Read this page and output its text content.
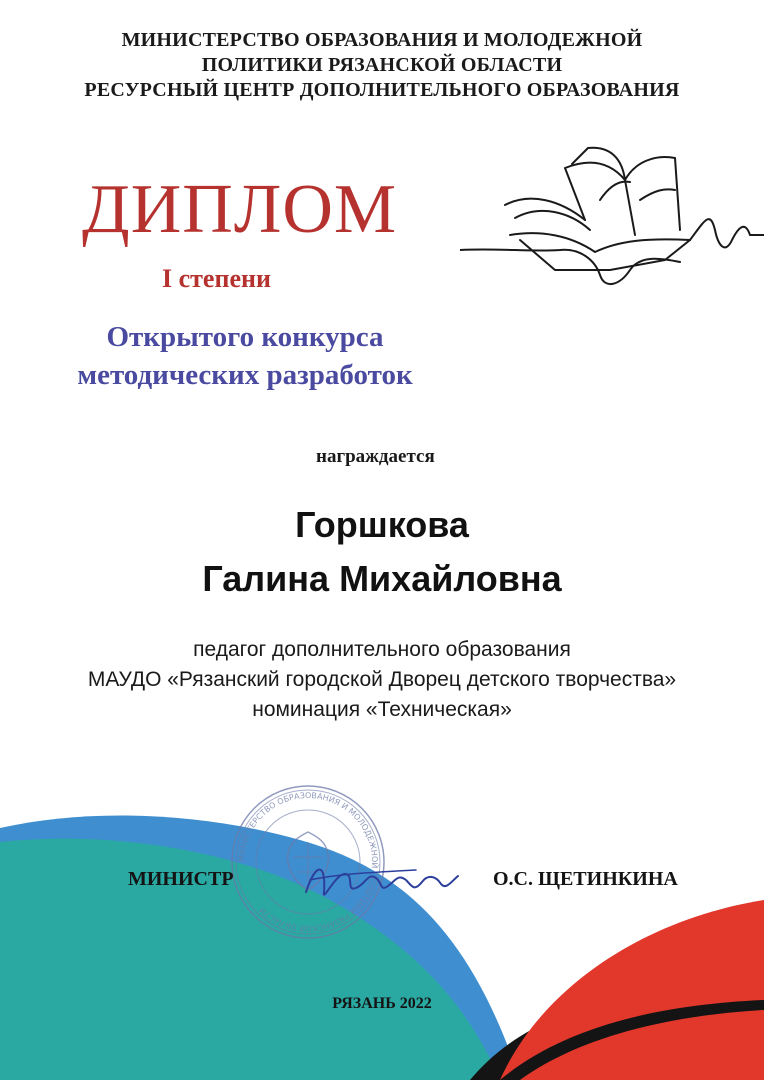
МИНИСТЕРСТВО ОБРАЗОВАНИЯ И МОЛОДЕЖНОЙ
ПОЛИТИКИ РЯЗАНСКОЙ ОБЛАСТИ
РЕСУРСНЫЙ ЦЕНТР ДОПОЛНИТЕЛЬНОГО ОБРАЗОВАНИЯ
ДИПЛОМ
I степени
Открытого конкурса
методических разработок
награждается
Горшкова
Галина Михайловна
педагог дополнительного образования
МАУДО «Рязанский городской Дворец детского творчества»
номинация «Техническая»
МИНИСТЕРСТВО ОБРАЗОВАНИЯ И МОЛОДЕЖНОЙ ПОЛИТИКИ РЯЗАНСКОЙ ОБЛАСТИ
МИНИСТР	О.С. ЩЕТИНКИНА
РЯЗАНЬ 2022
